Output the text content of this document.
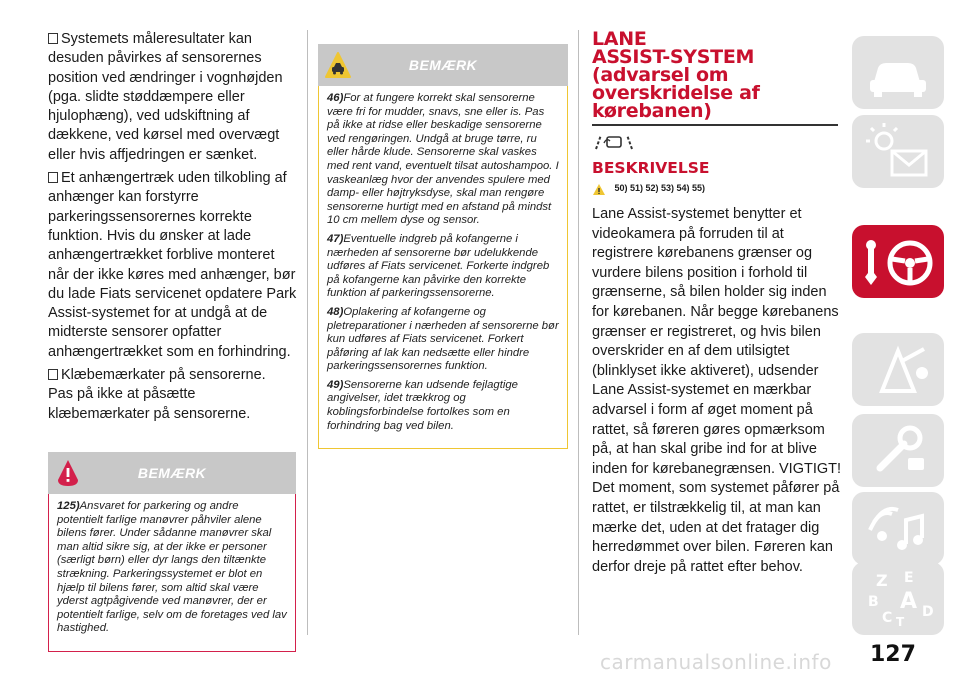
Systemets måleresultater kan desuden påvirkes af sensorernes position ved ændringer i vognhøjden (pga. slidte støddæmpere eller hjulophæng), ved udskiftning af dækkene, ved kørsel med overvægt eller hvis affjedringen er sænket.

Et anhængertræk uden tilkobling af anhænger kan forstyrre parkeringssensorernes korrekte funktion. Hvis du ønsker at lade anhængertrækket forblive monteret når der ikke køres med anhænger, bør du lade Fiats servicenet opdatere Park Assist-systemet for at undgå at de midterste sensorer opfatter anhængertrækket som en forhindring.

Klæbemærkater på sensorerne.

Pas på ikke at påsætte klæbemærkater på sensorerne.

BEMÆRK

125)Ansvaret for parkering og andre potentielt farlige manøvrer påhviler alene bilens fører. Under sådanne manøvrer skal man altid sikre sig, at der ikke er personer (særligt børn) eller dyr langs den tiltænkte strækning. Parkeringssystemet er blot en hjælp til bilens fører, som altid skal være yderst agtpågivende ved manøvrer, der er potentielt farlige, selv om de foretages ved lav hastighed.

BEMÆRK

46)For at fungere korrekt skal sensorerne være fri for mudder, snavs, sne eller is. Pas på ikke at ridse eller beskadige sensorerne ved rengøringen. Undgå at bruge tørre, ru eller hårde klude. Sensorerne skal vaskes med rent vand, eventuelt tilsat autoshampoo. I vaskeanlæg hvor der anvendes spulere med damp- eller højtryksdyse, skal man rengøre sensorerne hurtigt med en afstand på mindst 10 cm mellem dyse og sensor.

47)Eventuelle indgreb på kofangerne i nærheden af sensorerne bør udelukkende udføres af Fiats servicenet. Forkerte indgreb på kofangerne kan påvirke den korrekte funktion af parkeringssensorerne.

48)Oplakering af kofangerne og pletreparationer i nærheden af sensorerne bør kun udføres af Fiats servicenet. Forkert påføring af lak kan nedsætte eller hindre parkeringssensorernes funktion.

49)Sensorerne kan udsende fejlagtige angivelser, idet trækkrog og koblingsforbindelse fortolkes som en forhindring bag ved bilen.

LANE
ASSIST-SYSTEM
(advarsel om
overskridelse af
kørebanen)
BESKRIVELSE
50) 51) 52) 53) 54) 55)

Lane Assist-systemet benytter et videokamera på forruden til at registrere kørebanens grænser og vurdere bilens position i forhold til grænserne, så bilen holder sig inden for kørebanen. Når begge kørebanens grænser er registreret, og hvis bilen overskrider en af dem utilsigtet (blinklyset ikke aktiveret), udsender Lane Assist-systemet en mærkbar advarsel i form af øget moment på rattet, så føreren gøres opmærksom på, at han skal gribe ind for at blive inden for kørebanegrænsen. VIGTIGT! Det moment, som systemet påfører på rattet, er tilstrækkelig til, at man kan mærke det, uden at det fratager dig herredømmet over bilen. Føreren kan derfor dreje på rattet efter behov.

Z E
B A
C T
D
carmanualsonline.info 127
